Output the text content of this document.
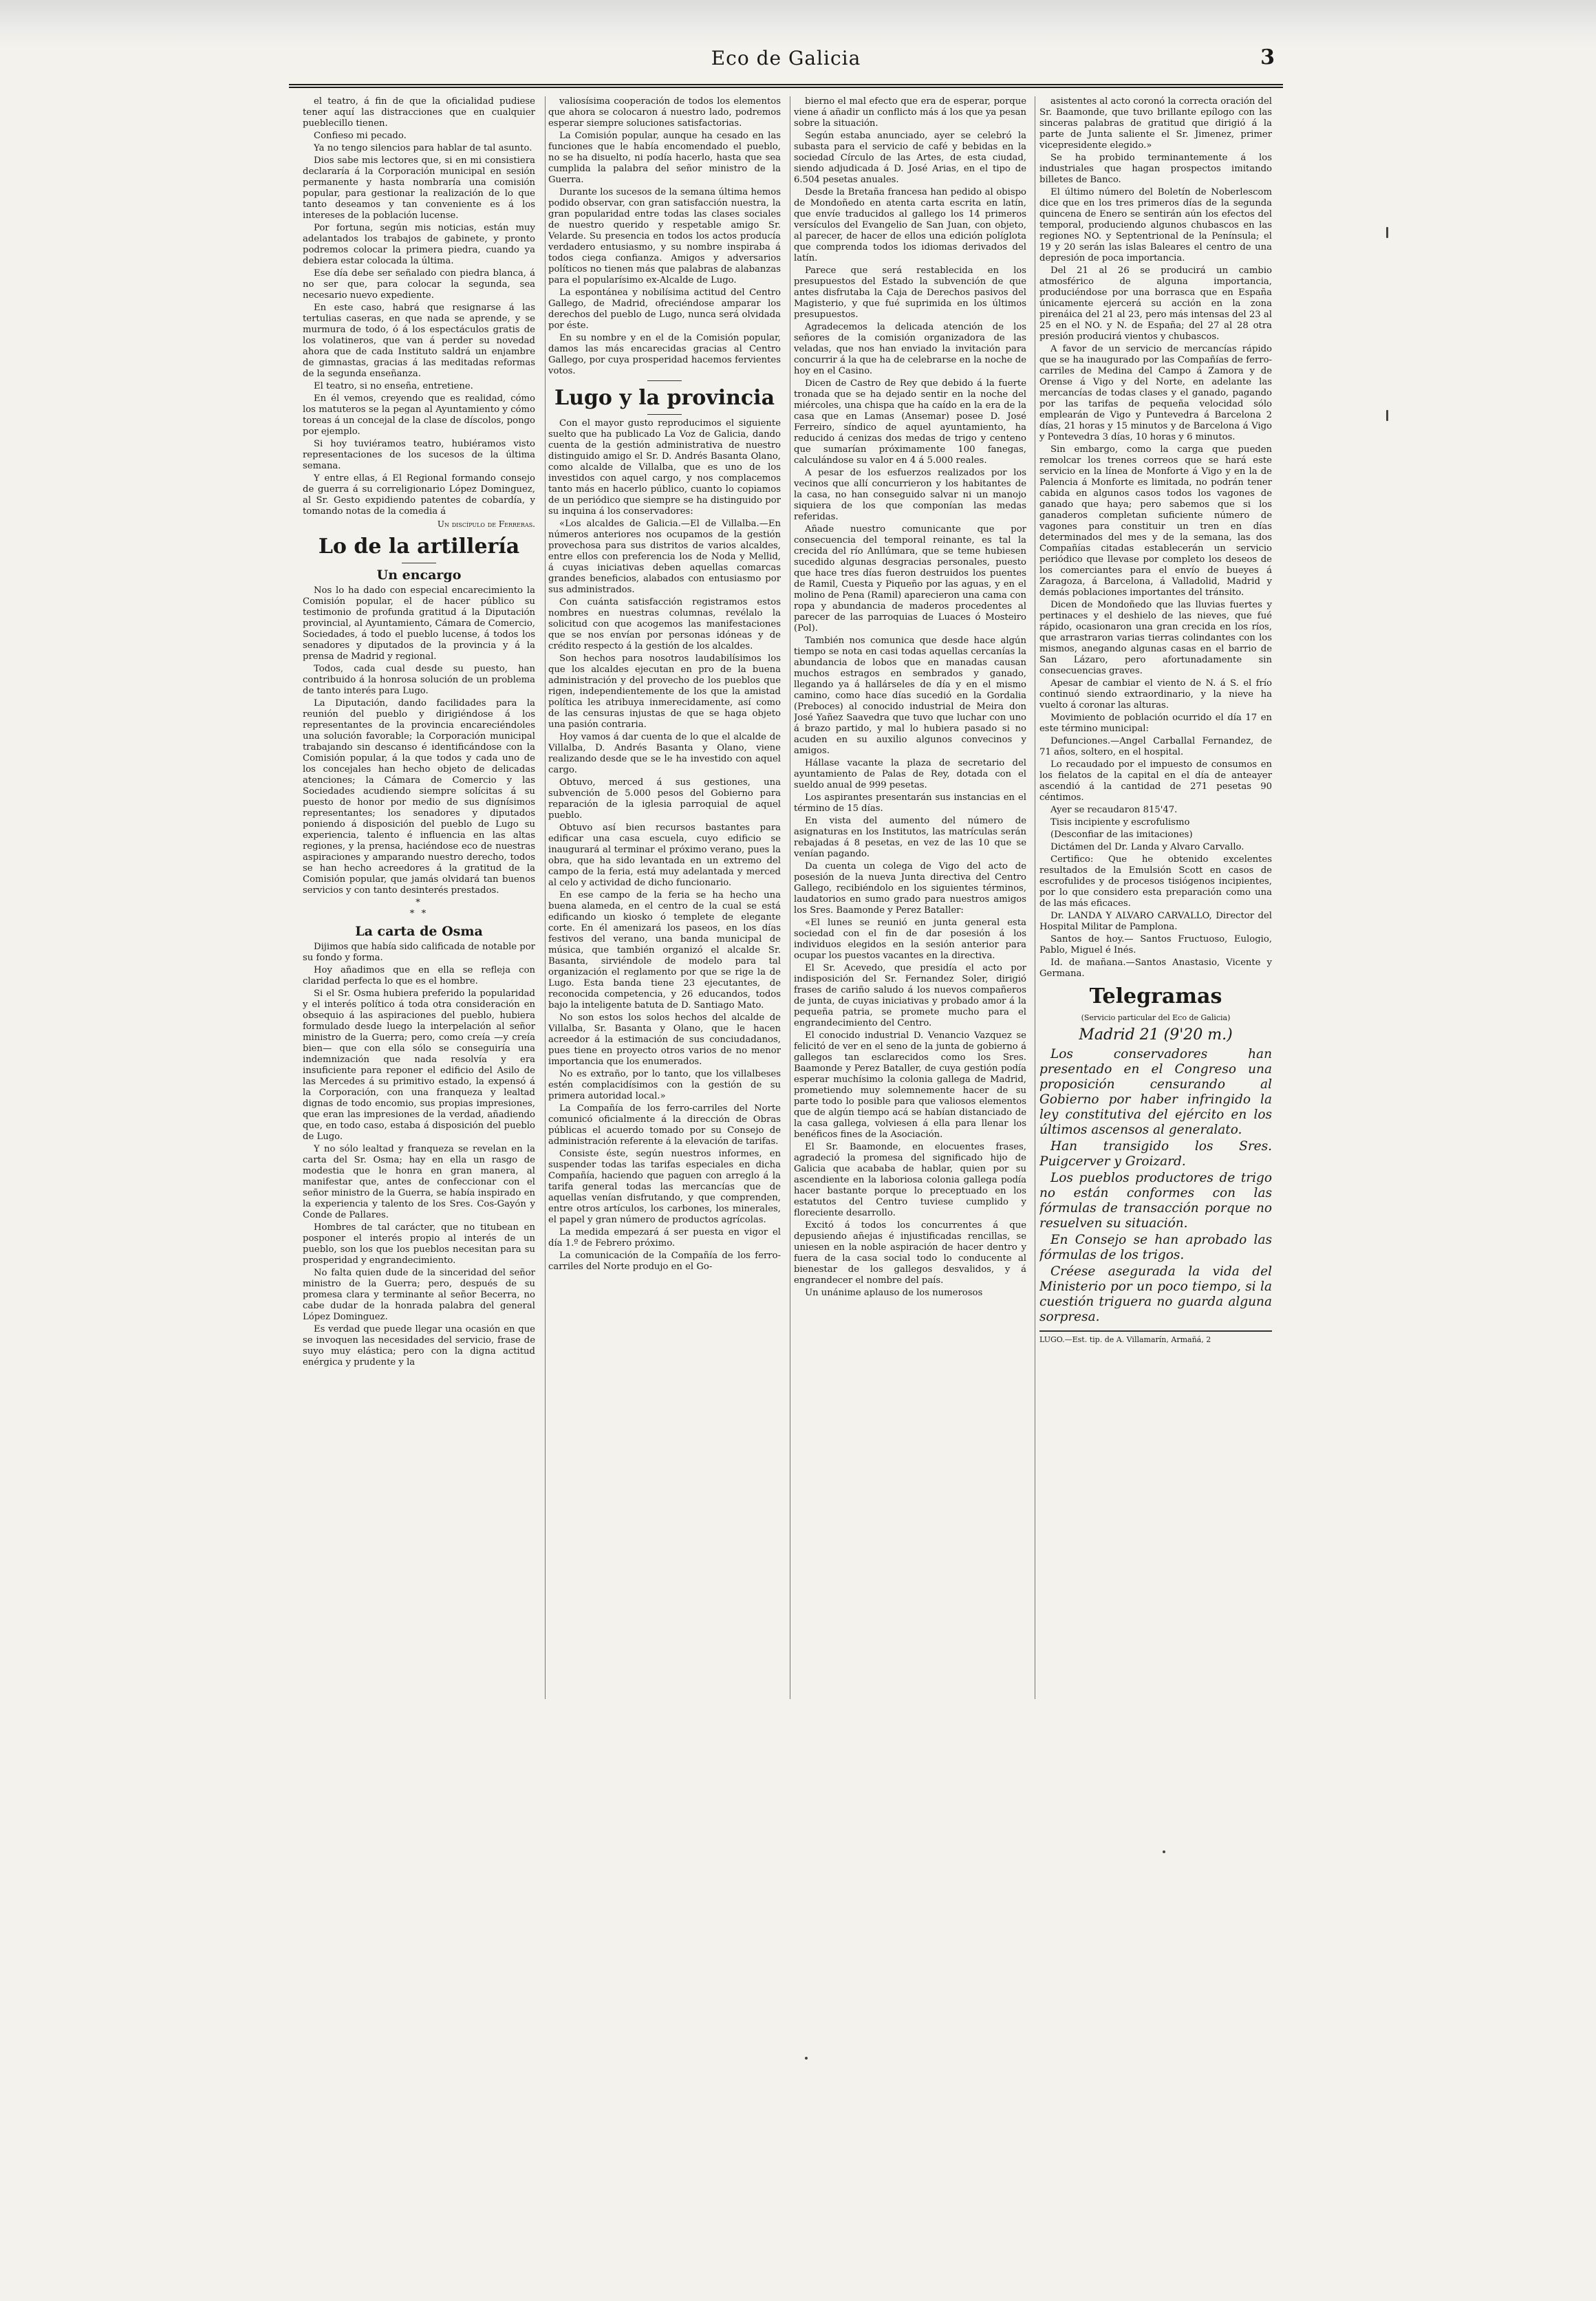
Eco de Galicia	3

el teatro, á fin de que la oficialidad pudiese tener aquí las distracciones que en cualquier pueblecillo tienen.

Confieso mi pecado.

Ya no tengo silencios para hablar de tal asunto.

Dios sabe mis lectores que, si en mi consistiera declararía á la Corporación municipal en sesión permanente y hasta nombraría una comisión popular, para gestionar la realización de lo que tanto deseamos y tan conveniente es á los intereses de la población lucense.

Por fortuna, según mis noticias, están muy adelantados los trabajos de gabinete, y pronto podremos colocar la primera piedra, cuando ya debiera estar colocada la última.

Ese día debe ser señalado con piedra blanca, á no ser que, para colocar la segunda, sea necesario nuevo expediente.

En este caso, habrá que resignarse á las tertulias caseras, en que nada se aprende, y se murmura de todo, ó á los espectáculos gratis de los volatineros, que van á perder su novedad ahora que de cada Instituto saldrá un enjambre de gimnastas, gracias á las meditadas reformas de la segunda enseñanza.

El teatro, si no enseña, entretiene.

En él vemos, creyendo que es realidad, cómo los matuteros se la pegan al Ayuntamiento y cómo toreas á un concejal de la clase de díscolos, pongo por ejemplo.

Si hoy tuviéramos teatro, hubiéramos visto representaciones de los sucesos de la última semana.

Y entre ellas, á El Regional formando consejo de guerra á su correligionario López Dominguez, al Sr. Gesto expidiendo patentes de cobardía, y tomando notas de la comedia á

Un discípulo de Ferreras.
Lo de la artillería
Un encargo

Nos lo ha dado con especial encarecimiento la Comisión popular, el de hacer público su testimonio de profunda gratitud á la Diputación provincial, al Ayuntamiento, Cámara de Comercio, Sociedades, á todo el pueblo lucense, á todos los senadores y diputados de la provincia y á la prensa de Madrid y regional.

Todos, cada cual desde su puesto, han contribuido á la honrosa solución de un problema de tanto interés para Lugo.

La Diputación, dando facilidades para la reunión del pueblo y dirigiéndose á los representantes de la provincia encareciéndoles una solución favorable; la Corporación municipal trabajando sin descanso é identificándose con la Comisión popular, á la que todos y cada uno de los concejales han hecho objeto de delicadas atenciones; la Cámara de Comercio y las Sociedades acudiendo siempre solícitas á su puesto de honor por medio de sus dignísimos representantes; los senadores y diputados poniendo á disposición del pueblo de Lugo su experiencia, talento é influencia en las altas regiones, y la prensa, haciéndose eco de nuestras aspiraciones y amparando nuestro derecho, todos se han hecho acreedores á la gratitud de la Comisión popular, que jamás olvidará tan buenos servicios y con tanto desinterés prestados.

*
* *
La carta de Osma

Dijimos que había sido calificada de notable por su fondo y forma.

Hoy añadimos que en ella se refleja con claridad perfecta lo que es el hombre.

Si el Sr. Osma hubiera preferido la popularidad y el interés político á toda otra consideración en obsequio á las aspiraciones del pueblo, hubiera formulado desde luego la interpelación al señor ministro de la Guerra; pero, como creía —y creía bien— que con ella sólo se conseguiría una indemnización que nada resolvía y era insuficiente para reponer el edificio del Asilo de las Mercedes á su primitivo estado, la expensó á la Corporación, con una franqueza y lealtad dignas de todo encomio, sus propias impresiones, que eran las impresiones de la verdad, añadiendo que, en todo caso, estaba á disposición del pueblo de Lugo.

Y no sólo lealtad y franqueza se revelan en la carta del Sr. Osma; hay en ella un rasgo de modestia que le honra en gran manera, al manifestar que, antes de confeccionar con el señor ministro de la Guerra, se había inspirado en la experiencia y talento de los Sres. Cos-Gayón y Conde de Pallares.

Hombres de tal carácter, que no titubean en posponer el interés propio al interés de un pueblo, son los que los pueblos necesitan para su prosperidad y engrandecimiento.

No falta quien dude de la sinceridad del señor ministro de la Guerra; pero, después de su promesa clara y terminante al señor Becerra, no cabe dudar de la honrada palabra del general López Dominguez.

Es verdad que puede llegar una ocasión en que se invoquen las necesidades del servicio, frase de suyo muy elástica; pero con la digna actitud enérgica y prudente y la

valiosísima cooperación de todos los elementos que ahora se colocaron á nuestro lado, podremos esperar siempre soluciones satisfactorias.

La Comisión popular, aunque ha cesado en las funciones que le había encomendado el pueblo, no se ha disuelto, ni podía hacerlo, hasta que sea cumplida la palabra del señor ministro de la Guerra.

Durante los sucesos de la semana última hemos podido observar, con gran satisfacción nuestra, la gran popularidad entre todas las clases sociales de nuestro querido y respetable amigo Sr. Velarde. Su presencia en todos los actos producía verdadero entusiasmo, y su nombre inspiraba á todos ciega confianza. Amigos y adversarios políticos no tienen más que palabras de alabanzas para el popularísimo ex-Alcalde de Lugo.

La espontánea y nobilísima actitud del Centro Gallego, de Madrid, ofreciéndose amparar los derechos del pueblo de Lugo, nunca será olvidada por éste.

En su nombre y en el de la Comisión popular, damos las más encarecidas gracias al Centro Gallego, por cuya prosperidad hacemos fervientes votos.

Lugo y la provincia

Con el mayor gusto reproducimos el siguiente suelto que ha publicado La Voz de Galicia, dando cuenta de la gestión administrativa de nuestro distinguido amigo el Sr. D. Andrés Basanta Olano, como alcalde de Villalba, que es uno de los investidos con aquel cargo, y nos complacemos tanto más en hacerlo público, cuanto lo copiamos de un periódico que siempre se ha distinguido por su inquina á los conservadores:

«Los alcaldes de Galicia.—El de Villalba.—En números anteriores nos ocupamos de la gestión provechosa para sus distritos de varios alcaldes, entre ellos con preferencia los de Noda y Mellid, á cuyas iniciativas deben aquellas comarcas grandes beneficios, alabados con entusiasmo por sus administrados.

Con cuánta satisfacción registramos estos nombres en nuestras columnas, revélalo la solicitud con que acogemos las manifestaciones que se nos envían por personas idóneas y de crédito respecto á la gestión de los alcaldes.

Son hechos para nosotros laudabilísimos los que los alcaldes ejecutan en pro de la buena administración y del provecho de los pueblos que rigen, independientemente de los que la amistad política les atribuya inmerecidamente, así como de las censuras injustas de que se haga objeto una pasión contraria.

Hoy vamos á dar cuenta de lo que el alcalde de Villalba, D. Andrés Basanta y Olano, viene realizando desde que se le ha investido con aquel cargo.

Obtuvo, merced á sus gestiones, una subvención de 5.000 pesos del Gobierno para reparación de la iglesia parroquial de aquel pueblo.

Obtuvo así bien recursos bastantes para edificar una casa escuela, cuyo edificio se inaugurará al terminar el próximo verano, pues la obra, que ha sido levantada en un extremo del campo de la feria, está muy adelantada y merced al celo y actividad de dicho funcionario.

En ese campo de la feria se ha hecho una buena alameda, en el centro de la cual se está edificando un kiosko ó templete de elegante corte. En él amenizará los paseos, en los días festivos del verano, una banda municipal de música, que también organizó el alcalde Sr. Basanta, sirviéndole de modelo para tal organización el reglamento por que se rige la de Lugo. Esta banda tiene 23 ejecutantes, de reconocida competencia, y 26 educandos, todos bajo la inteligente batuta de D. Santiago Mato.

No son estos los solos hechos del alcalde de Villalba, Sr. Basanta y Olano, que le hacen acreedor á la estimación de sus conciudadanos, pues tiene en proyecto otros varios de no menor importancia que los enumerados.

No es extraño, por lo tanto, que los villalbeses estén complacidísimos con la gestión de su primera autoridad local.»

La Compañía de los ferro-carriles del Norte comunicó oficialmente á la dirección de Obras públicas el acuerdo tomado por su Consejo de administración referente á la elevación de tarifas.

Consiste éste, según nuestros informes, en suspender todas las tarifas especiales en dicha Compañía, haciendo que paguen con arreglo á la tarifa general todas las mercancías que de aquellas venían disfrutando, y que comprenden, entre otros artículos, los carbones, los minerales, el papel y gran número de productos agrícolas.

La medida empezará á ser puesta en vigor el día 1.º de Febrero próximo.

La comunicación de la Compañía de los ferro-carriles del Norte produjo en el Go-

bierno el mal efecto que era de esperar, porque viene á añadir un conflicto más á los que ya pesan sobre la situación.

Según estaba anunciado, ayer se celebró la subasta para el servicio de café y bebidas en la sociedad Círculo de las Artes, de esta ciudad, siendo adjudicada á D. José Arias, en el tipo de 6.504 pesetas anuales.

Desde la Bretaña francesa han pedido al obispo de Mondoñedo en atenta carta escrita en latín, que envíe traducidos al gallego los 14 primeros versículos del Evangelio de San Juan, con objeto, al parecer, de hacer de ellos una edición políglota que comprenda todos los idiomas derivados del latín.

Parece que será restablecida en los presupuestos del Estado la subvención de que antes disfrutaba la Caja de Derechos pasivos del Magisterio, y que fué suprimida en los últimos presupuestos.

Agradecemos la delicada atención de los señores de la comisión organizadora de las veladas, que nos han enviado la invitación para concurrir á la que ha de celebrarse en la noche de hoy en el Casino.

Dicen de Castro de Rey que debido á la fuerte tronada que se ha dejado sentir en la noche del miércoles, una chispa que ha caído en la era de la casa que en Lamas (Ansemar) posee D. José Ferreiro, síndico de aquel ayuntamiento, ha reducido á cenizas dos medas de trigo y centeno que sumarían próximamente 100 fanegas, calculándose su valor en 4 á 5.000 reales.

A pesar de los esfuerzos realizados por los vecinos que allí concurrieron y los habitantes de la casa, no han conseguido salvar ni un manojo siquiera de los que componían las medas referidas.

Añade nuestro comunicante que por consecuencia del temporal reinante, es tal la crecida del río Anllúmara, que se teme hubiesen sucedido algunas desgracias personales, puesto que hace tres días fueron destruidos los puentes de Ramil, Cuesta y Piqueño por las aguas, y en el molino de Pena (Ramil) aparecieron una cama con ropa y abundancia de maderos procedentes al parecer de las parroquias de Luaces ó Mosteiro (Pol).

También nos comunica que desde hace algún tiempo se nota en casi todas aquellas cercanías la abundancia de lobos que en manadas causan muchos estragos en sembrados y ganado, llegando ya á hallárseles de día y en el mismo camino, como hace días sucedió en la Gordalia (Preboces) al conocido industrial de Meira don José Yañez Saavedra que tuvo que luchar con uno á brazo partido, y mal lo hubiera pasado si no acuden en su auxilio algunos convecinos y amigos.

Hállase vacante la plaza de secretario del ayuntamiento de Palas de Rey, dotada con el sueldo anual de 999 pesetas.

Los aspirantes presentarán sus instancias en el término de 15 días.

En vista del aumento del número de asignaturas en los Institutos, las matrículas serán rebajadas á 8 pesetas, en vez de las 10 que se venían pagando.

Da cuenta un colega de Vigo del acto de posesión de la nueva Junta directiva del Centro Gallego, recibiéndolo en los siguientes términos, laudatorios en sumo grado para nuestros amigos los Sres. Baamonde y Perez Bataller:

«El lunes se reunió en junta general esta sociedad con el fin de dar posesión á los individuos elegidos en la sesión anterior para ocupar los puestos vacantes en la directiva.

El Sr. Acevedo, que presidía el acto por indisposición del Sr. Fernandez Soler, dirigió frases de cariño saludo á los nuevos compañeros de junta, de cuyas iniciativas y probado amor á la pequeña patria, se promete mucho para el engrandecimiento del Centro.

El conocido industrial D. Venancio Vazquez se felicitó de ver en el seno de la junta de gobierno á gallegos tan esclarecidos como los Sres. Baamonde y Perez Bataller, de cuya gestión podía esperar muchísimo la colonia gallega de Madrid, prometiendo muy solemnemente hacer de su parte todo lo posible para que valiosos elementos que de algún tiempo acá se habían distanciado de la casa gallega, volviesen á ella para llenar los benéficos fines de la Asociación.

El Sr. Baamonde, en elocuentes frases, agradeció la promesa del significado hijo de Galicia que acababa de hablar, quien por su ascendiente en la laboriosa colonia gallega podía hacer bastante porque lo preceptuado en los estatutos del Centro tuviese cumplido y floreciente desarrollo.

Excitó á todos los concurrentes á que depusiendo añejas é injustificadas rencillas, se uniesen en la noble aspiración de hacer dentro y fuera de la casa social todo lo conducente al bienestar de los gallegos desvalidos, y á engrandecer el nombre del país.

Un unánime aplauso de los numerosos

asistentes al acto coronó la correcta oración del Sr. Baamonde, que tuvo brillante epílogo con las sinceras palabras de gratitud que dirigió á la parte de Junta saliente el Sr. Jimenez, primer vicepresidente elegido.»

Se ha probido terminantemente á los industriales que hagan prospectos imitando billetes de Banco.

El último número del Boletín de Noberlescom dice que en los tres primeros días de la segunda quincena de Enero se sentirán aún los efectos del temporal, produciendo algunos chubascos en las regiones NO. y Septentrional de la Península; el 19 y 20 serán las islas Baleares el centro de una depresión de poca importancia.

Del 21 al 26 se producirá un cambio atmosférico de alguna importancia, produciéndose por una borrasca que en España únicamente ejercerá su acción en la zona pirenáica del 21 al 23, pero más intensas del 23 al 25 en el NO. y N. de España; del 27 al 28 otra presión producirá vientos y chubascos.

A favor de un servicio de mercancías rápido que se ha inaugurado por las Compañías de ferro-carriles de Medina del Campo á Zamora y de Orense á Vigo y del Norte, en adelante las mercancías de todas clases y el ganado, pagando por las tarifas de pequeña velocidad sólo emplearán de Vigo y Puntevedra á Barcelona 2 días, 21 horas y 15 minutos y de Barcelona á Vigo y Pontevedra 3 días, 10 horas y 6 minutos.

Sin embargo, como la carga que pueden remolcar los trenes correos que se hará este servicio en la línea de Monforte á Vigo y en la de Palencia á Monforte es limitada, no podrán tener cabida en algunos casos todos los vagones de ganado que haya; pero sabemos que si los ganaderos completan suficiente número de vagones para constituir un tren en días determinados del mes y de la semana, las dos Compañías citadas establecerán un servicio periódico que llevase por completo los deseos de los comerciantes para el envío de bueyes á Zaragoza, á Barcelona, á Valladolid, Madrid y demás poblaciones importantes del tránsito.

Dicen de Mondoñedo que las lluvias fuertes y pertinaces y el deshielo de las nieves, que fué rápido, ocasionaron una gran crecida en los ríos, que arrastraron varias tierras colindantes con los mismos, anegando algunas casas en el barrio de San Lázaro, pero afortunadamente sin consecuencias graves.

Apesar de cambiar el viento de N. á S. el frío continuó siendo extraordinario, y la nieve ha vuelto á coronar las alturas.

Movimiento de población ocurrido el día 17 en este término municipal:

Defunciones.—Angel Carballal Fernandez, de 71 años, soltero, en el hospital.

Lo recaudado por el impuesto de consumos en los fielatos de la capital en el día de anteayer ascendió á la cantidad de 271 pesetas 90 céntimos.

Ayer se recaudaron 815'47.

Tisis incipiente y escrofulismo

(Desconfiar de las imitaciones)

Dictámen del Dr. Landa y Alvaro Carvallo.

Certifico: Que he obtenido excelentes resultados de la Emulsión Scott en casos de escrofulides y de procesos tisiógenos incipientes, por lo que considero esta preparación como una de las más eficaces.

Dr. LANDA Y ALVARO CARVALLO, Director del Hospital Militar de Pamplona.

Santos de hoy.— Santos Fructuoso, Eulogio, Pablo, Miguel é Inés.

Id. de mañana.—Santos Anastasio, Vicente y Germana.

Telegramas
(Servicio particular del Eco de Galicia)
Madrid 21 (9'20 m.)

Los conservadores han presentado en el Congreso una proposición censurando al Gobierno por haber infringido la ley constitutiva del ejército en los últimos ascensos al generalato.

Han transigido los Sres. Puigcerver y Groizard.

Los pueblos productores de trigo no están conformes con las fórmulas de transacción porque no resuelven su situación.

En Consejo se han aprobado las fórmulas de los trigos.

Créese asegurada la vida del Ministerio por un poco tiempo, si la cuestión triguera no guarda alguna sorpresa.

LUGO.—Est. tip. de A. Villamarín, Armañá, 2
